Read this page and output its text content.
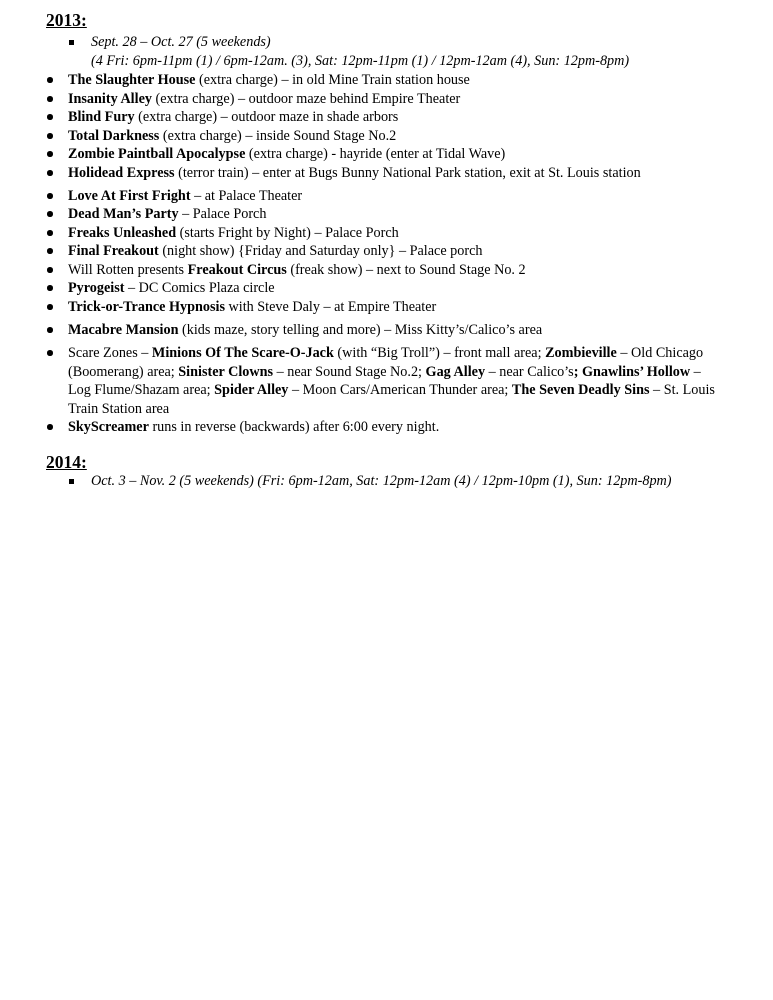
2013:
Sept. 28 – Oct. 27 (5 weekends)
(4 Fri: 6pm-11pm (1) / 6pm-12am. (3), Sat: 12pm-11pm (1) / 12pm-12am (4), Sun: 12pm-8pm)
The Slaughter House (extra charge) – in old Mine Train station house
Insanity Alley (extra charge) – outdoor maze behind Empire Theater
Blind Fury (extra charge) – outdoor maze in shade arbors
Total Darkness (extra charge) – inside Sound Stage No.2
Zombie Paintball Apocalypse (extra charge) - hayride (enter at Tidal Wave)
Holidead Express (terror train) – enter at Bugs Bunny National Park station, exit at St. Louis station
Love At First Fright – at Palace Theater
Dead Man’s Party – Palace Porch
Freaks Unleashed (starts Fright by Night) – Palace Porch
Final Freakout (night show) {Friday and Saturday only} – Palace porch
Will Rotten presents Freakout Circus (freak show) – next to Sound Stage No. 2
Pyrogeist – DC Comics Plaza circle
Trick-or-Trance Hypnosis with Steve Daly – at Empire Theater
Macabre Mansion (kids maze, story telling and more) – Miss Kitty’s/Calico’s area
Scare Zones – Minions Of The Scare-O-Jack (with “Big Troll”) – front mall area; Zombieville – Old Chicago (Boomerang) area; Sinister Clowns – near Sound Stage No.2; Gag Alley – near Calico’s; Gnawlins’ Hollow – Log Flume/Shazam area; Spider Alley – Moon Cars/American Thunder area; The Seven Deadly Sins – St. Louis Train Station area
SkyScreamer runs in reverse (backwards) after 6:00 every night.
2014:
Oct. 3 – Nov. 2 (5 weekends) (Fri: 6pm-12am, Sat: 12pm-12am (4) / 12pm-10pm (1), Sun: 12pm-8pm)
